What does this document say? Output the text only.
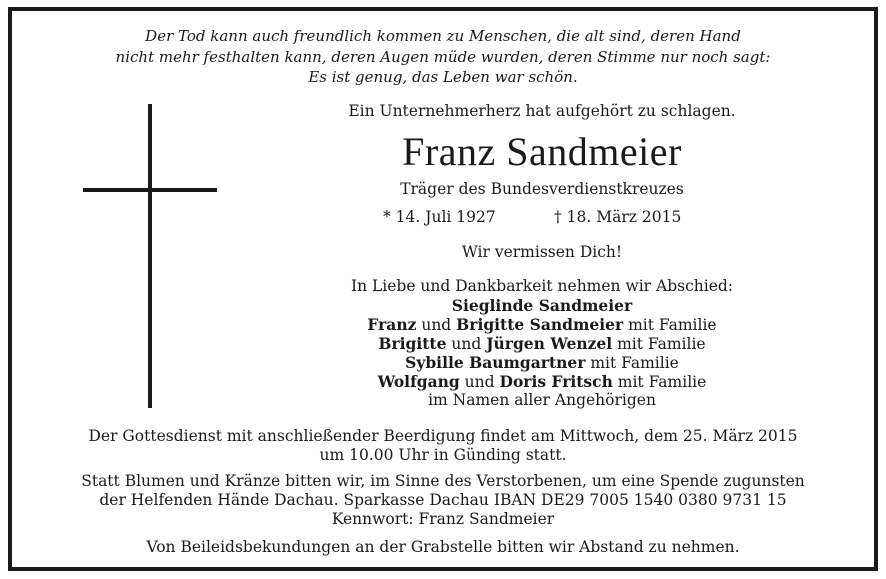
Der Tod kann auch freundlich kommen zu Menschen, die alt sind, deren Hand
nicht mehr festhalten kann, deren Augen müde wurden, deren Stimme nur noch sagt:
Es ist genug, das Leben war schön.
Ein Unternehmerherz hat aufgehört zu schlagen.
Franz Sandmeier
Träger des Bundesverdienstkreuzes
* 14. Juli 1927	† 18. März 2015
Wir vermissen Dich!
In Liebe und Dankbarkeit nehmen wir Abschied:
Sieglinde Sandmeier
Franz und Brigitte Sandmeier mit Familie
Brigitte und Jürgen Wenzel mit Familie
Sybille Baumgartner mit Familie
Wolfgang und Doris Fritsch mit Familie
im Namen aller Angehörigen
Der Gottesdienst mit anschließender Beerdigung findet am Mittwoch, dem 25. März 2015
um 10.00 Uhr in Günding statt.
Statt Blumen und Kränze bitten wir, im Sinne des Verstorbenen, um eine Spende zugunsten
der Helfenden Hände Dachau. Sparkasse Dachau IBAN DE29 7005 1540 0380 9731 15
Kennwort: Franz Sandmeier
Von Beileidsbekundungen an der Grabstelle bitten wir Abstand zu nehmen.
